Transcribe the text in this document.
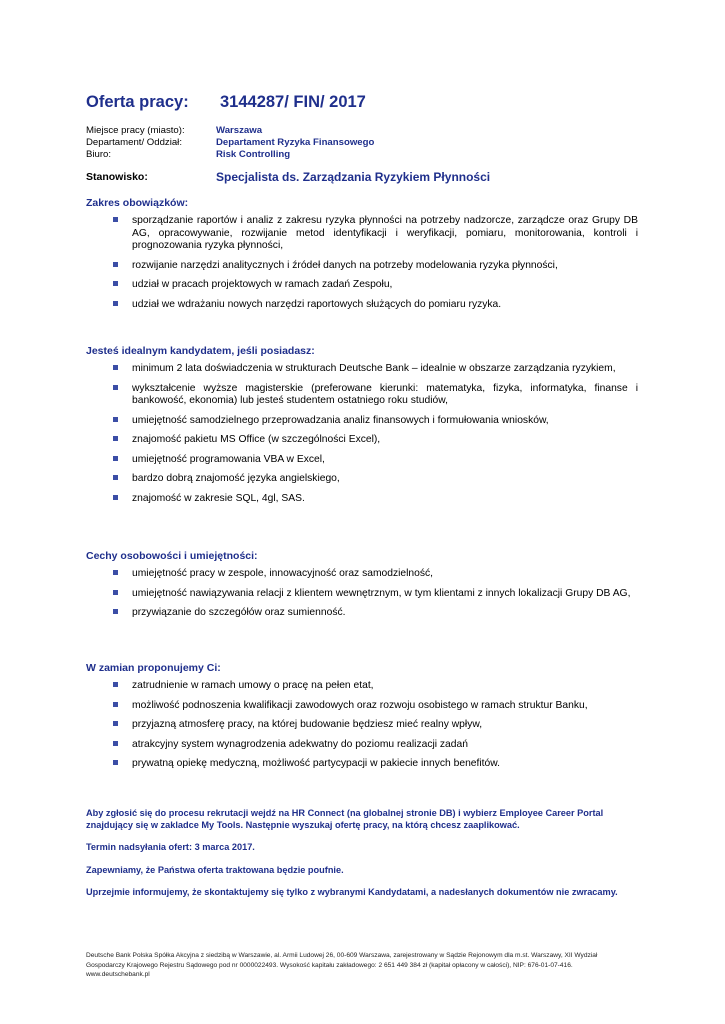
Oferta pracy: 3144287/ FIN/ 2017
Miejsce pracy (miasto):	Warszawa
Departament/ Oddział:	Departament Ryzyka Finansowego
Biuro:	Risk Controlling
Stanowisko:	Specjalista ds. Zarządzania Ryzykiem Płynności
Zakres obowiązków:
sporządzanie raportów i analiz z zakresu ryzyka płynności na potrzeby nadzorcze, zarządcze oraz Grupy DB AG, opracowywanie, rozwijanie metod identyfikacji i weryfikacji, pomiaru, monitorowania, kontroli i prognozowania ryzyka płynności,
rozwijanie narzędzi analitycznych i źródeł danych na potrzeby modelowania ryzyka płynności,
udział w pracach projektowych w ramach zadań Zespołu,
udział we wdrażaniu nowych narzędzi raportowych służących do pomiaru ryzyka.
Jesteś idealnym kandydatem, jeśli posiadasz:
minimum 2 lata doświadczenia w strukturach Deutsche Bank – idealnie w obszarze zarządzania ryzykiem,
wykształcenie wyższe magisterskie (preferowane kierunki: matematyka, fizyka, informatyka, finanse i bankowość, ekonomia) lub jesteś studentem ostatniego roku studiów,
umiejętność samodzielnego przeprowadzania analiz finansowych i formułowania wniosków,
znajomość pakietu MS Office (w szczególności Excel),
umiejętność programowania VBA w Excel,
bardzo dobrą znajomość języka angielskiego,
znajomość w zakresie SQL, 4gl, SAS.
Cechy osobowości i umiejętności:
umiejętność pracy w zespole, innowacyjność oraz samodzielność,
umiejętność nawiązywania relacji z klientem wewnętrznym, w tym klientami z innych lokalizacji Grupy DB AG,
przywiązanie do szczegółów oraz sumienność.
W zamian proponujemy Ci:
zatrudnienie w ramach umowy o pracę na pełen etat,
możliwość podnoszenia kwalifikacji zawodowych oraz rozwoju osobistego w ramach struktur Banku,
przyjazną atmosferę pracy, na której budowanie będziesz mieć realny wpływ,
atrakcyjny system wynagrodzenia adekwatny do poziomu realizacji zadań
prywatną opiekę medyczną, możliwość partycypacji w pakiecie innych benefitów.

Aby zgłosić się do procesu rekrutacji wejdź na HR Connect (na globalnej stronie DB) i wybierz Employee Career Portal znajdujący się w zakladce My Tools. Następnie wyszukaj ofertę pracy, na którą chcesz zaaplikować.

Termin nadsyłania ofert: 3 marca 2017.

Zapewniamy, że Państwa oferta traktowana będzie poufnie.

Uprzejmie informujemy, że skontaktujemy się tylko z wybranymi Kandydatami, a nadesłanych dokumentów nie zwracamy.

Deutsche Bank Polska Spółka Akcyjna z siedzibą w Warszawie, al. Armii Ludowej 26, 00-609 Warszawa, zarejestrowany w Sądzie Rejonowym dla m.st. Warszawy, XII Wydział Gospodarczy Krajowego Rejestru Sądowego pod nr 0000022493. Wysokość kapitału zakładowego: 2 651 449 384 zł (kapitał opłacony w całości), NIP: 676-01-07-416. www.deutschebank.pl
